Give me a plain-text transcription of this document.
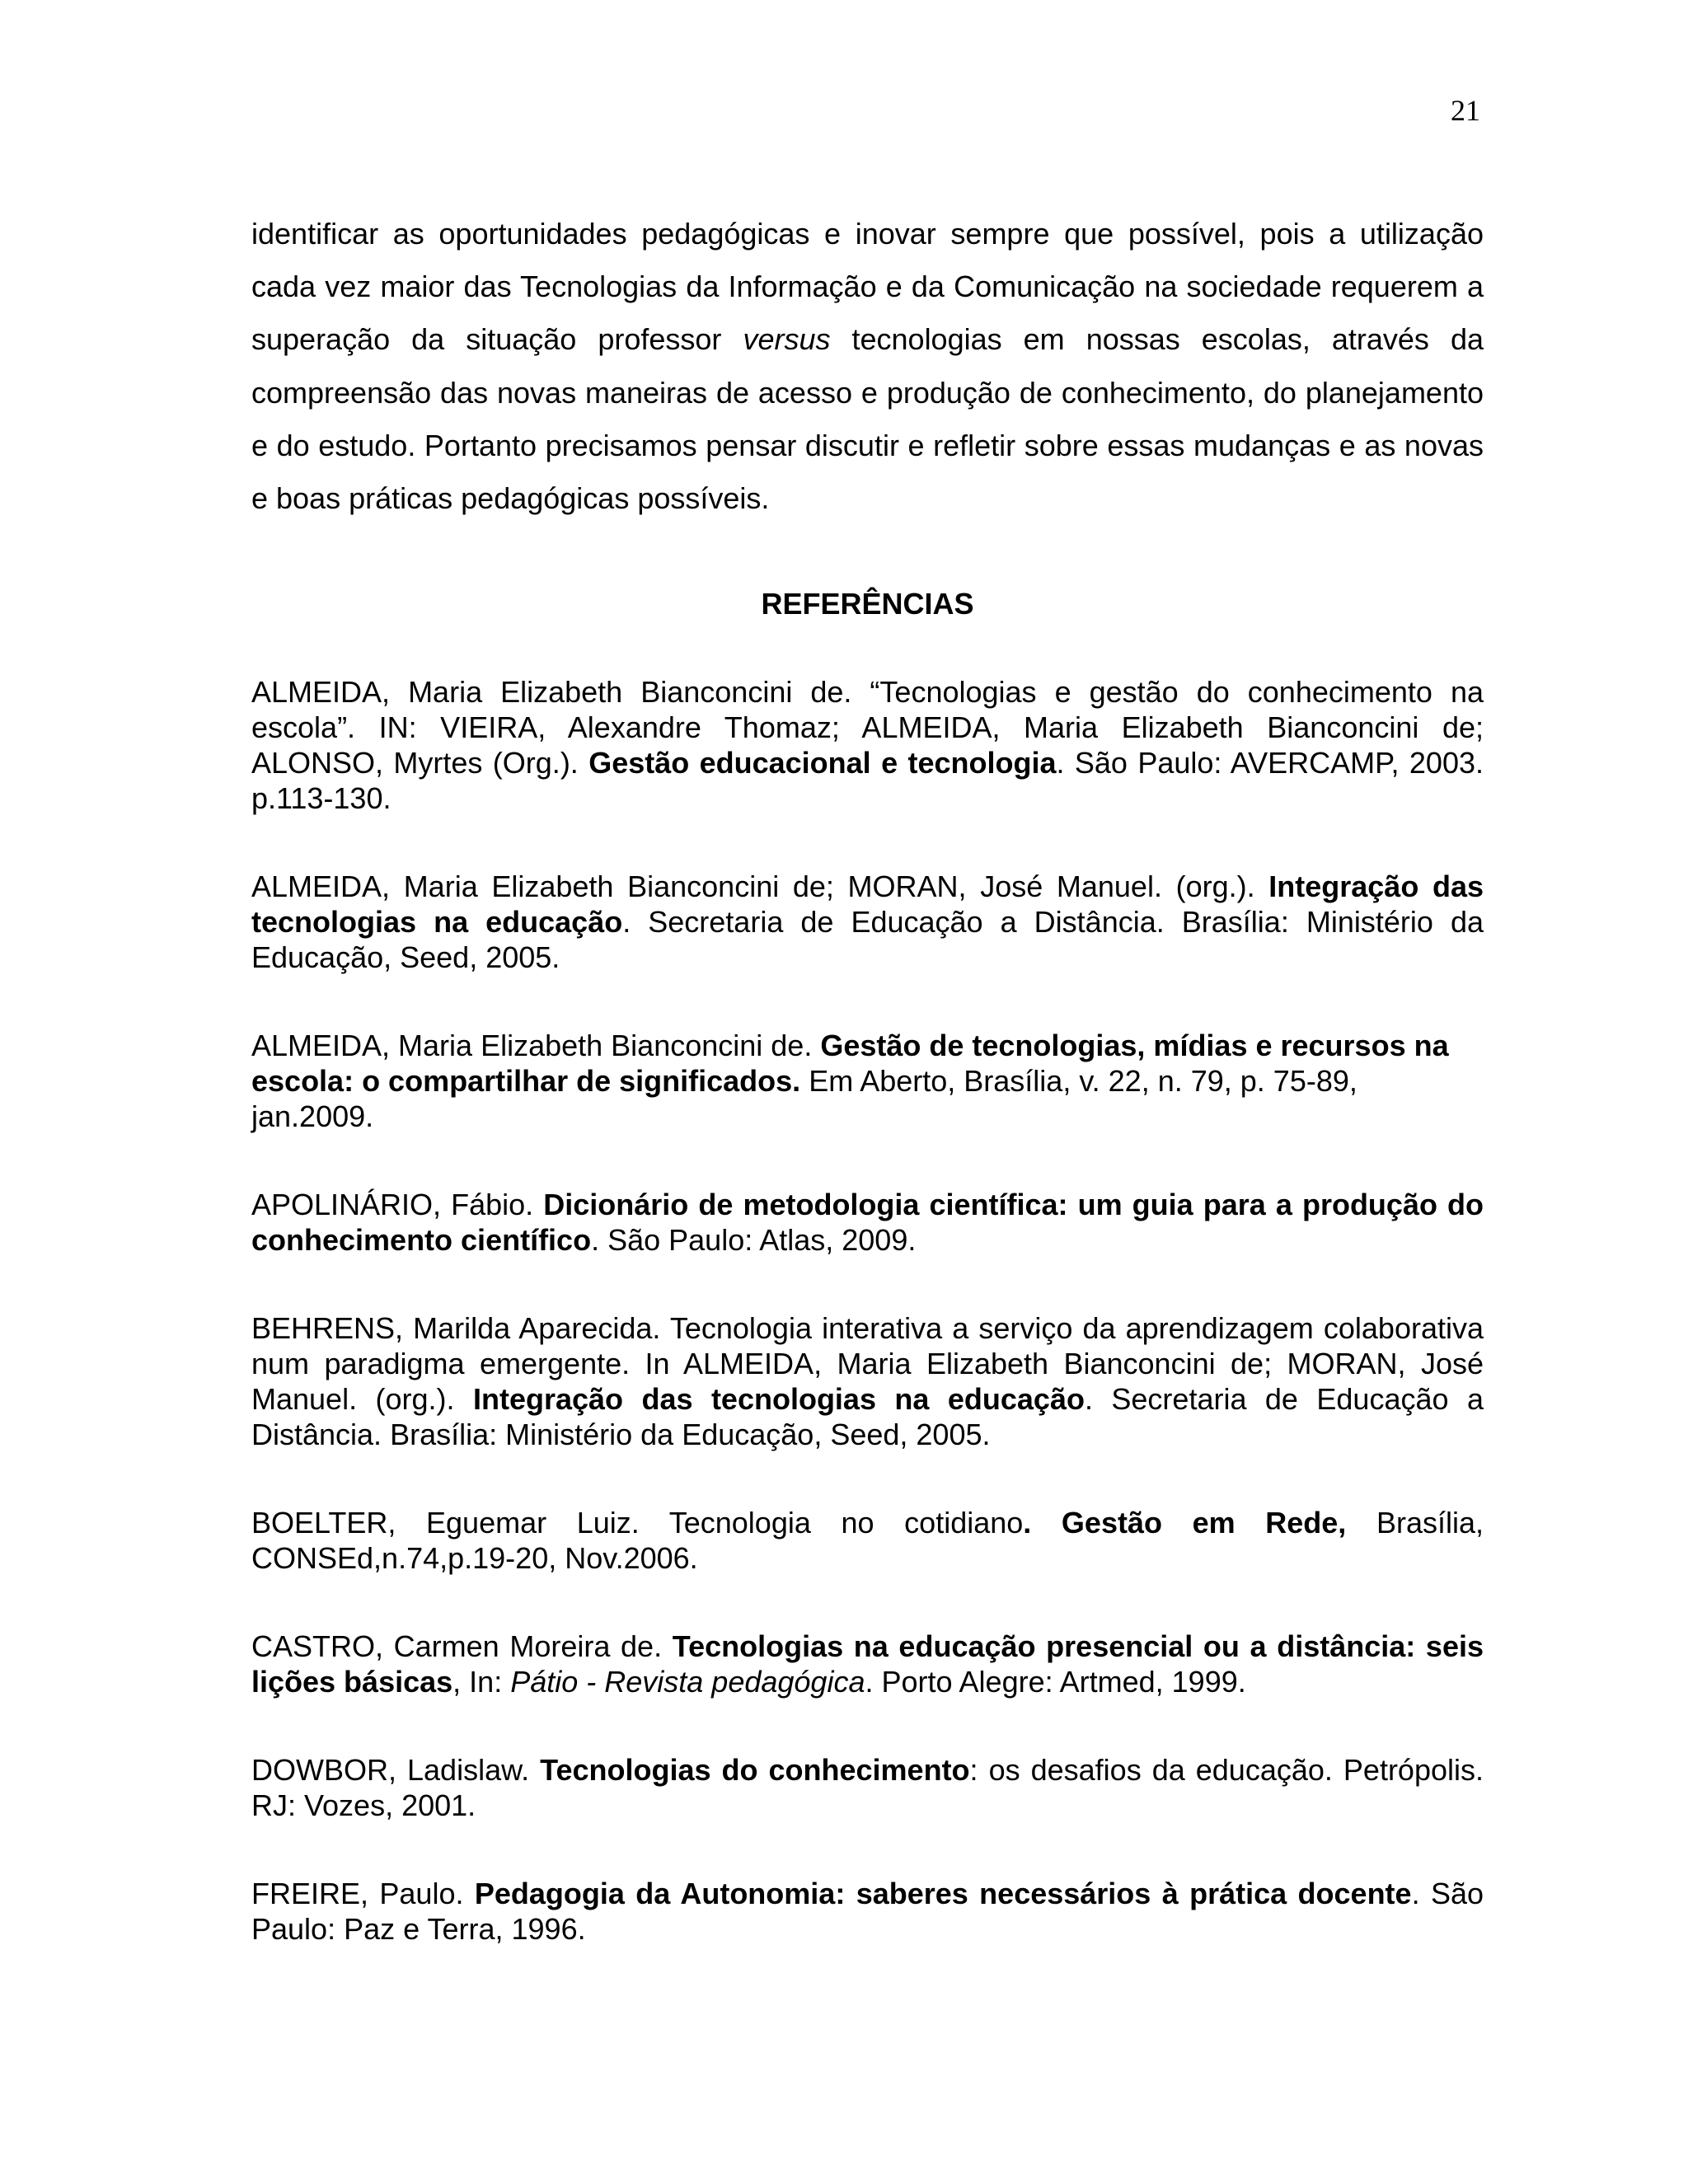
21

identificar as oportunidades pedagógicas e inovar sempre que possível, pois a utilização cada vez maior das Tecnologias da Informação e da Comunicação na sociedade requerem a superação da situação professor versus tecnologias em nossas escolas, através da compreensão das novas maneiras de acesso e produção de conhecimento, do planejamento e do estudo. Portanto precisamos pensar discutir e refletir sobre essas mudanças e as novas e boas práticas pedagógicas possíveis.

REFERÊNCIAS
ALMEIDA, Maria Elizabeth Bianconcini de. “Tecnologias e gestão do conhecimento na escola”. IN: VIEIRA, Alexandre Thomaz; ALMEIDA, Maria Elizabeth Bianconcini de; ALONSO, Myrtes (Org.). Gestão educacional e tecnologia. São Paulo: AVERCAMP, 2003. p.113-130.
ALMEIDA, Maria Elizabeth Bianconcini de; MORAN, José Manuel. (org.). Integração das tecnologias na educação. Secretaria de Educação a Distância. Brasília: Ministério da Educação, Seed, 2005.
ALMEIDA, Maria Elizabeth Bianconcini de. Gestão de tecnologias, mídias e recursos na escola: o compartilhar de significados. Em Aberto, Brasília, v. 22, n. 79, p. 75-89, jan.2009.
APOLINÁRIO, Fábio. Dicionário de metodologia científica: um guia para a produção do conhecimento científico. São Paulo: Atlas, 2009.
BEHRENS, Marilda Aparecida. Tecnologia interativa a serviço da aprendizagem colaborativa num paradigma emergente. In ALMEIDA, Maria Elizabeth Bianconcini de; MORAN, José Manuel. (org.). Integração das tecnologias na educação. Secretaria de Educação a Distância. Brasília: Ministério da Educação, Seed, 2005.
BOELTER, Eguemar Luiz. Tecnologia no cotidiano. Gestão em Rede, Brasília, CONSEd,n.74,p.19-20, Nov.2006.
CASTRO, Carmen Moreira de. Tecnologias na educação presencial ou a distância: seis lições básicas, In: Pátio - Revista pedagógica. Porto Alegre: Artmed, 1999.
DOWBOR, Ladislaw. Tecnologias do conhecimento: os desafios da educação. Petrópolis. RJ: Vozes, 2001.
FREIRE, Paulo. Pedagogia da Autonomia: saberes necessários à prática docente. São Paulo: Paz e Terra, 1996.
